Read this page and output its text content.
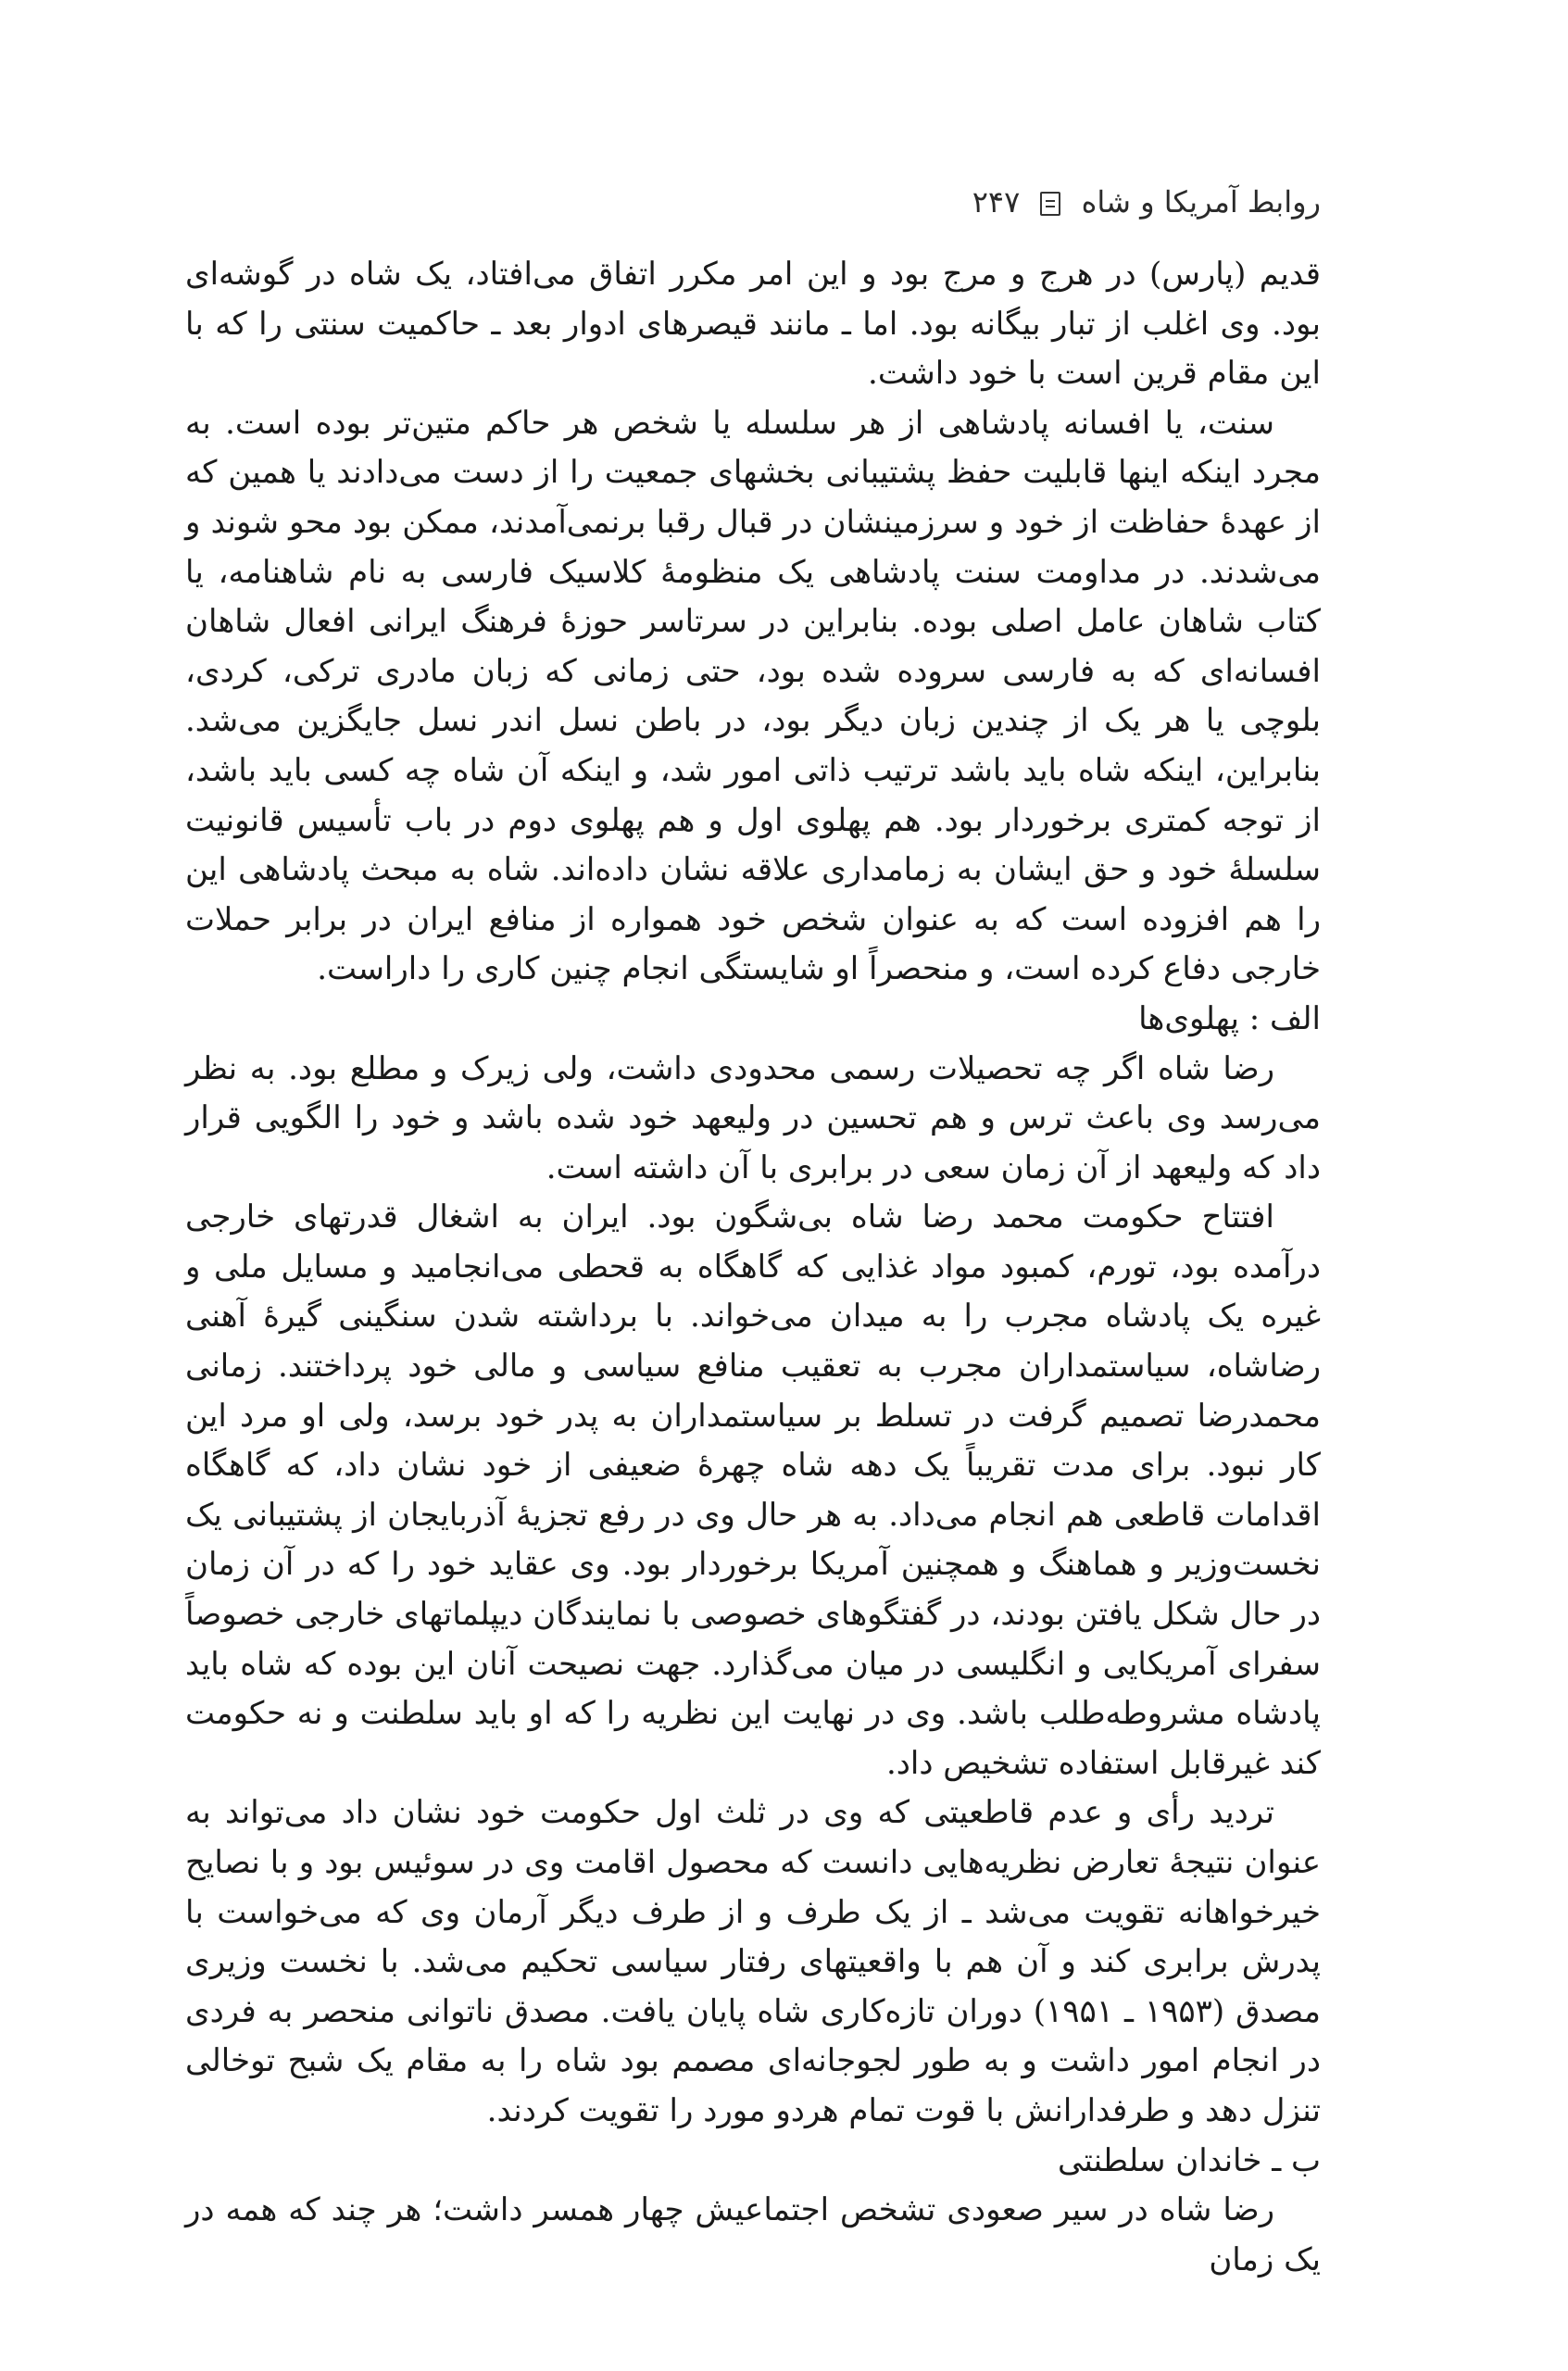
روابط آمریکا و شاه  ۲۴۷

قدیم (پارس) در هرج و مرج بود و این امر مکرر اتفاق می‌افتاد، یک شاه در گوشه‌ای بود. وی اغلب از تبار بیگانه بود. اما ـ مانند قیصرهای ادوار بعد ـ حاکمیت سنتی را که با این مقام قرین است با خود داشت.

سنت، یا افسانه پادشاهی از هر سلسله یا شخص هر حاکم متین‌تر بوده است. به مجرد اینکه اینها قابلیت حفظ پشتیبانی بخشهای جمعیت را از دست می‌دادند یا همین که از عهدهٔ حفاظت از خود و سرزمینشان در قبال رقبا برنمی‌آمدند، ممکن بود محو شوند و می‌شدند. در مداومت سنت پادشاهی یک منظومهٔ کلاسیک فارسی به نام شاهنامه، یا کتاب شاهان عامل اصلی بوده. بنابراین در سرتاسر حوزهٔ فرهنگ ایرانی افعال شاهان افسانه‌ای که به فارسی سروده شده بود، حتی زمانی که زبان مادری ترکی، کردی، بلوچی یا هر یک از چندین زبان دیگر بود، در باطن نسل اندر نسل جایگزین می‌شد. بنابراین، اینکه شاه باید باشد ترتیب ذاتی امور شد، و اینکه آن شاه چه کسی باید باشد، از توجه کمتری برخوردار بود. هم پهلوی اول و هم پهلوی دوم در باب تأسیس قانونیت سلسلهٔ خود و حق ایشان به زمامداری علاقه نشان داده‌اند. شاه به مبحث پادشاهی این را هم افزوده است که به عنوان شخص خود همواره از منافع ایران در برابر حملات خارجی دفاع کرده است، و منحصراً او شایستگی انجام چنین کاری را داراست.

الف : پهلوی‌ها

رضا شاه اگر چه تحصیلات رسمی محدودی داشت، ولی زیرک و مطلع بود. به نظر می‌رسد وی باعث ترس و هم تحسین در ولیعهد خود شده باشد و خود را الگویی قرار داد که ولیعهد از آن زمان سعی در برابری با آن داشته است.

افتتاح حکومت محمد رضا شاه بی‌شگون بود. ایران به اشغال قدرتهای خارجی درآمده بود، تورم، کمبود مواد غذایی که گاهگاه به قحطی می‌انجامید و مسایل ملی و غیره یک پادشاه مجرب را به میدان می‌خواند. با برداشته شدن سنگینی گیرهٔ آهنی رضاشاه، سیاستمداران مجرب به تعقیب منافع سیاسی و مالی خود پرداختند. زمانی محمدرضا تصمیم گرفت در تسلط بر سیاستمداران به پدر خود برسد، ولی او مرد این کار نبود. برای مدت تقریباً یک دهه شاه چهرهٔ ضعیفی از خود نشان داد، که گاهگاه اقدامات قاطعی هم انجام می‌داد. به هر حال وی در رفع تجزیهٔ آذربایجان از پشتیبانی یک نخست‌وزیر و هماهنگ و همچنین آمریکا برخوردار بود. وی عقاید خود را که در آن زمان در حال شکل یافتن بودند، در گفتگوهای خصوصی با نمایندگان دیپلماتهای خارجی خصوصاً سفرای آمریکایی و انگلیسی در میان می‌گذارد. جهت نصیحت آنان این بوده که شاه باید پادشاه مشروطه‌طلب باشد. وی در نهایت این نظریه را که او باید سلطنت و نه حکومت کند غیرقابل استفاده تشخیص داد.

تردید رأی و عدم قاطعیتی که وی در ثلث اول حکومت خود نشان داد می‌تواند به عنوان نتیجهٔ تعارض نظریه‌هایی دانست که محصول اقامت وی در سوئیس بود و با نصایح خیرخواهانه تقویت می‌شد ـ از یک طرف و از طرف دیگر آرمان وی که می‌خواست با پدرش برابری کند و آن هم با واقعیتهای رفتار سیاسی تحکیم می‌شد. با نخست وزیری مصدق (۱۹۵۳ ـ ۱۹۵۱) دوران تازه‌کاری شاه پایان یافت. مصدق ناتوانی منحصر به فردی در انجام امور داشت و به طور لجوجانه‌ای مصمم بود شاه را به مقام یک شبح توخالی تنزل دهد و طرفدارانش با قوت تمام هردو مورد را تقویت کردند.

ب ـ خاندان سلطنتی

رضا شاه در سیر صعودی تشخص اجتماعیش چهار همسر داشت؛ هر چند که همه در یک زمان
